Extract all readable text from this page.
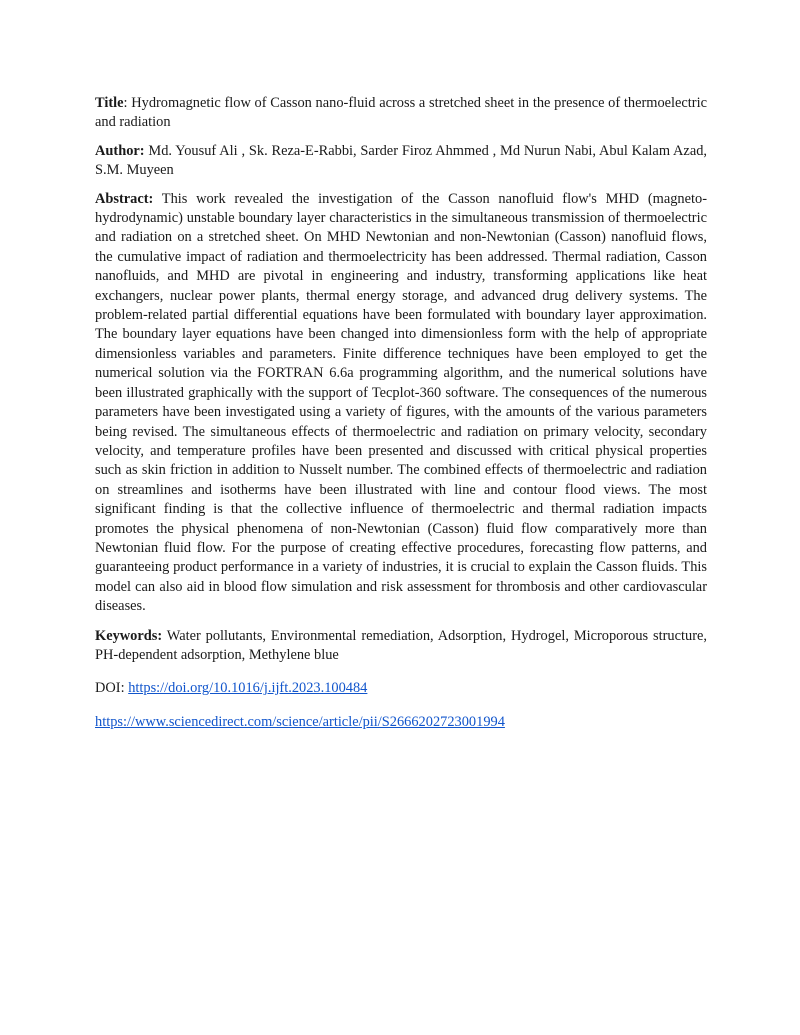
Title: Hydromagnetic flow of Casson nano-fluid across a stretched sheet in the presence of thermoelectric and radiation

Author: Md. Yousuf Ali , Sk. Reza-E-Rabbi, Sarder Firoz Ahmmed , Md Nurun Nabi, Abul Kalam Azad, S.M. Muyeen

Abstract: This work revealed the investigation of the Casson nanofluid flow's MHD (magneto-hydrodynamic) unstable boundary layer characteristics in the simultaneous transmission of thermoelectric and radiation on a stretched sheet. On MHD Newtonian and non-Newtonian (Casson) nanofluid flows, the cumulative impact of radiation and thermoelectricity has been addressed. Thermal radiation, Casson nanofluids, and MHD are pivotal in engineering and industry, transforming applications like heat exchangers, nuclear power plants, thermal energy storage, and advanced drug delivery systems. The problem-related partial differential equations have been formulated with boundary layer approximation. The boundary layer equations have been changed into dimensionless form with the help of appropriate dimensionless variables and parameters. Finite difference techniques have been employed to get the numerical solution via the FORTRAN 6.6a programming algorithm, and the numerical solutions have been illustrated graphically with the support of Tecplot-360 software. The consequences of the numerous parameters have been investigated using a variety of figures, with the amounts of the various parameters being revised. The simultaneous effects of thermoelectric and radiation on primary velocity, secondary velocity, and temperature profiles have been presented and discussed with critical physical properties such as skin friction in addition to Nusselt number. The combined effects of thermoelectric and radiation on streamlines and isotherms have been illustrated with line and contour flood views. The most significant finding is that the collective influence of thermoelectric and thermal radiation impacts promotes the physical phenomena of non-Newtonian (Casson) fluid flow comparatively more than Newtonian fluid flow. For the purpose of creating effective procedures, forecasting flow patterns, and guaranteeing product performance in a variety of industries, it is crucial to explain the Casson fluids. This model can also aid in blood flow simulation and risk assessment for thrombosis and other cardiovascular diseases.

Keywords: Water pollutants, Environmental remediation, Adsorption, Hydrogel, Microporous structure, PH-dependent adsorption, Methylene blue

DOI: https://doi.org/10.1016/j.ijft.2023.100484

https://www.sciencedirect.com/science/article/pii/S2666202723001994
